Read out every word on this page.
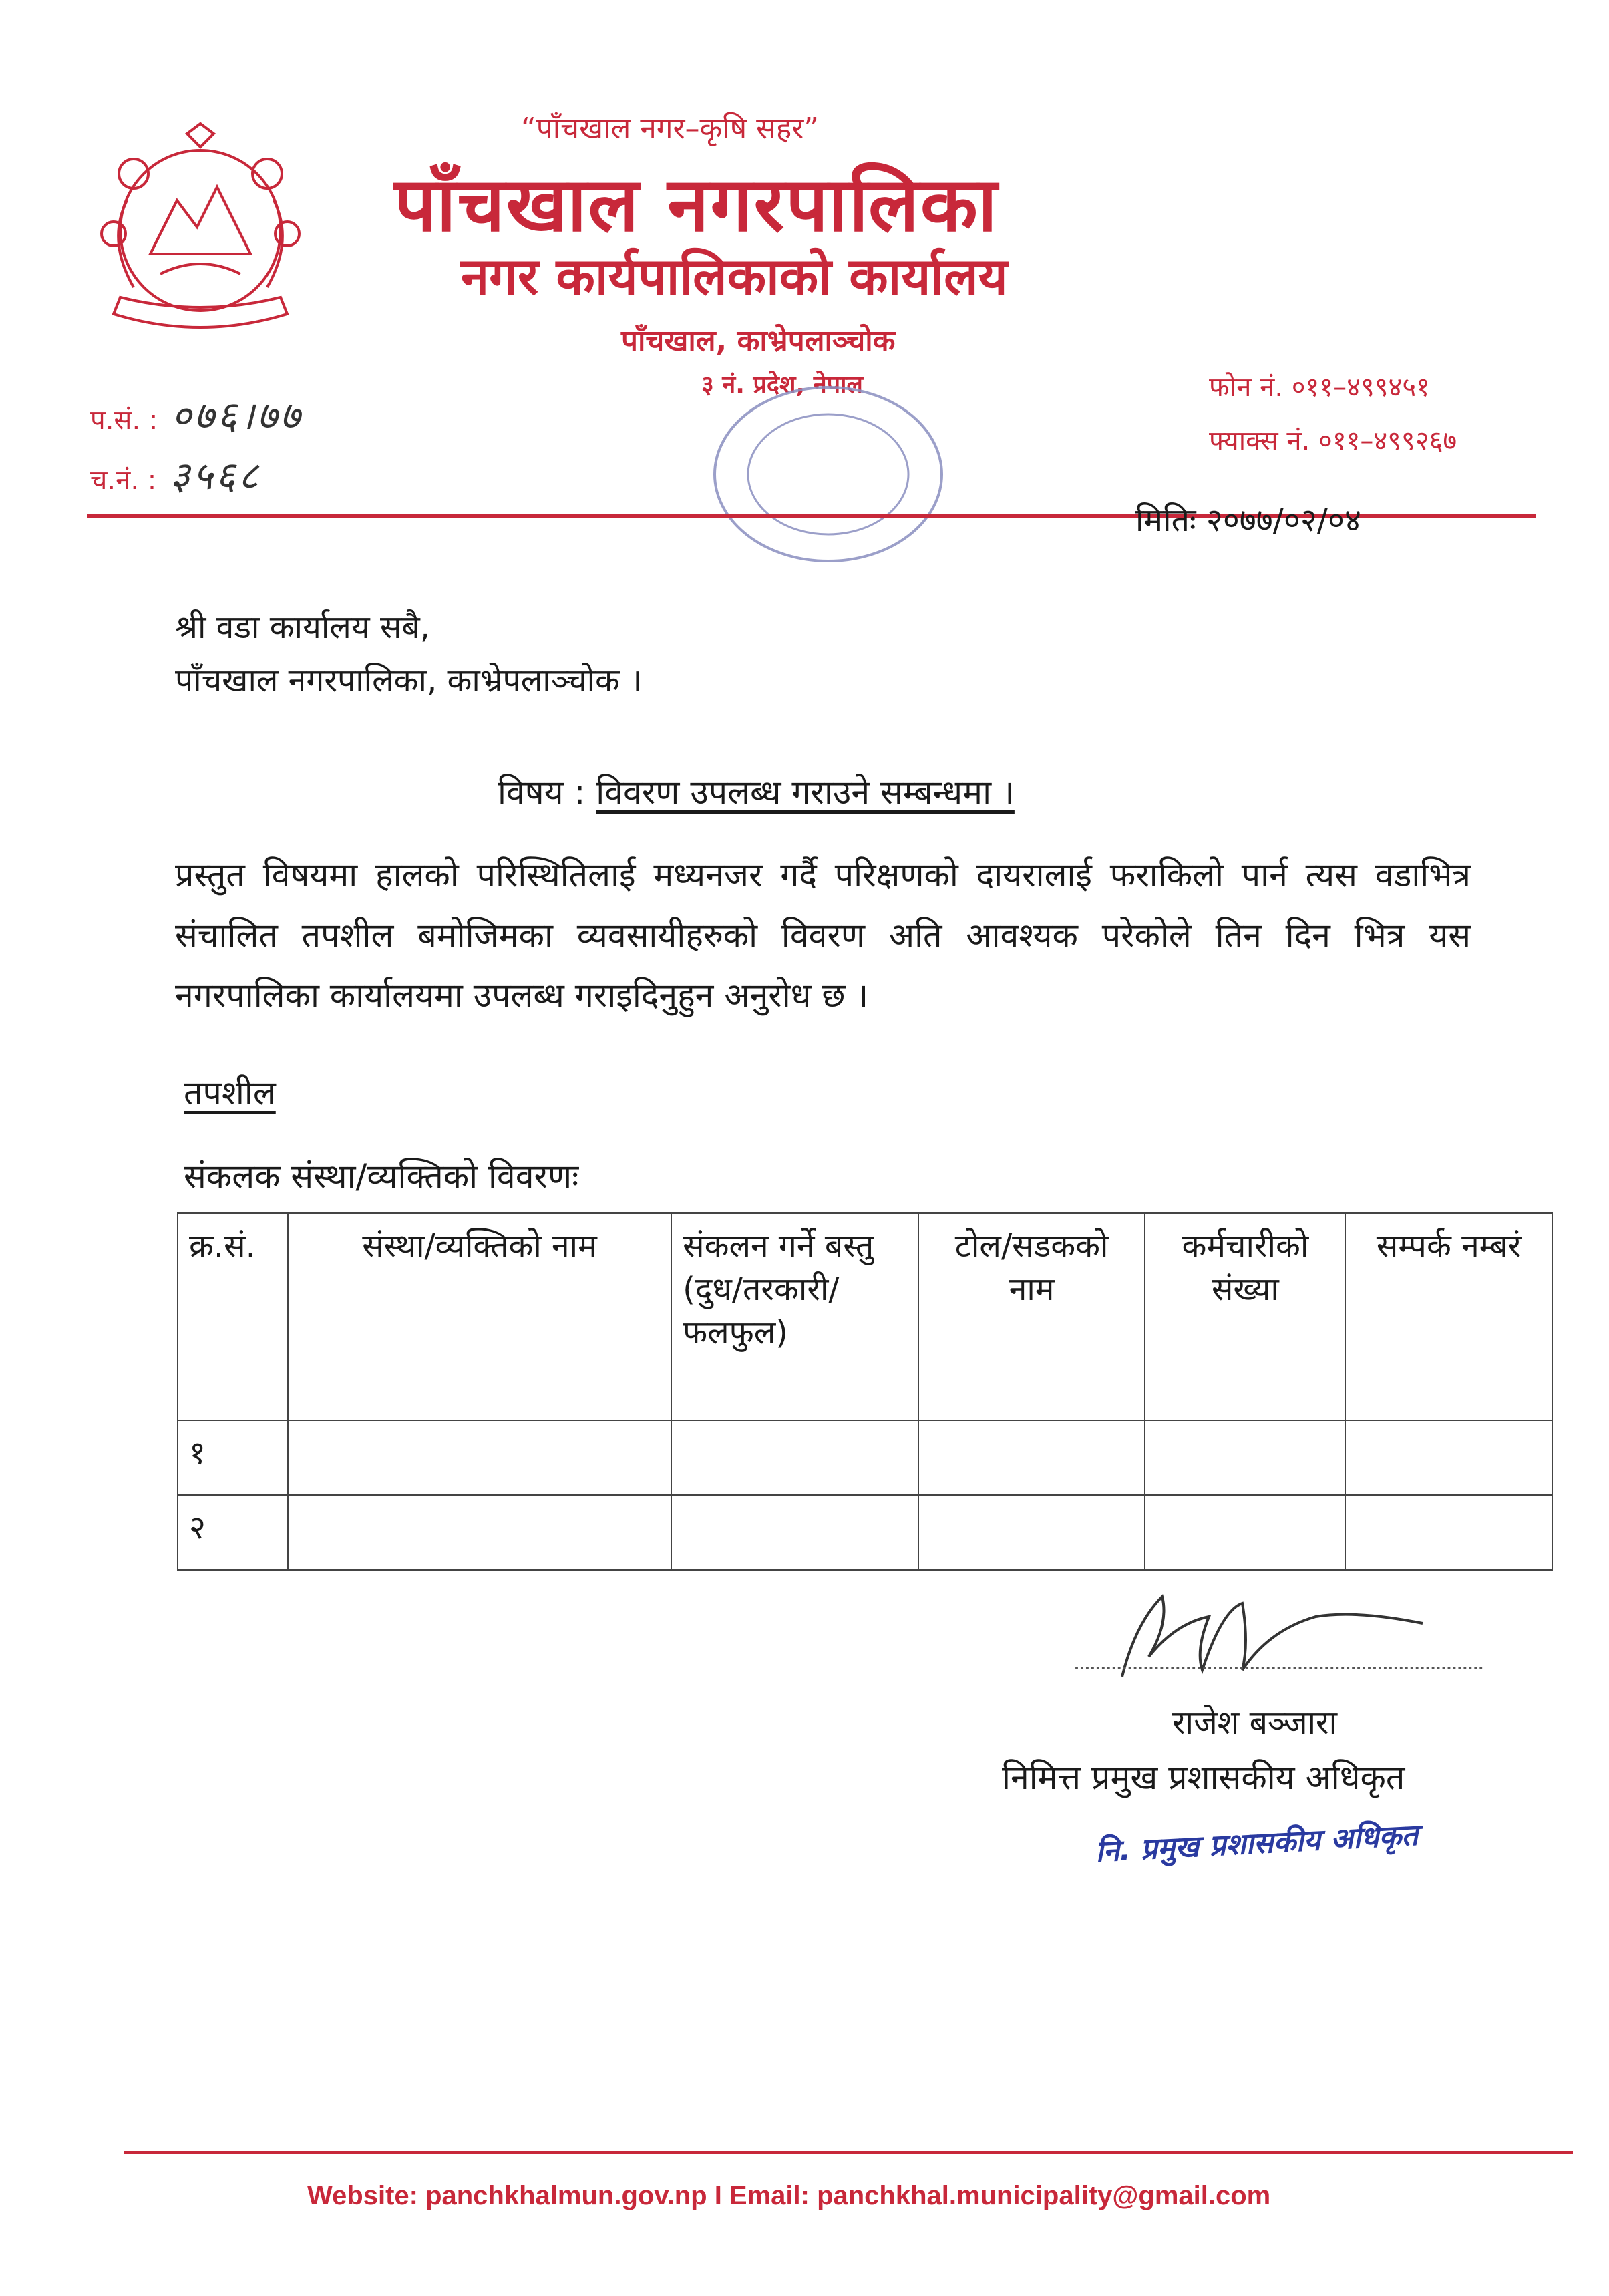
“पाँचखाल नगर–कृषि सहर”
पाँचखाल नगरपालिका
नगर कार्यपालिकाको कार्यालय
पाँचखाल, काभ्रेपलाञ्चोक
३ नं. प्रदेश, नेपाल
प.सं. : ०७६।७७
च.नं. : ३५६८
फोन नं. ०११–४९९४५१
फ्याक्स नं. ०११–४९९२६७
मितिः २०७७/०२/०४
श्री वडा कार्यालय सबै,
पाँचखाल नगरपालिका, काभ्रेपलाञ्चोक ।
विषय : विवरण उपलब्ध गराउने सम्बन्धमा ।
प्रस्तुत विषयमा हालको परिस्थितिलाई मध्यनजर गर्दै परिक्षणको दायरालाई फराकिलो पार्न त्यस वडाभित्र संचालित तपशील बमोजिमका व्यवसायीहरुको विवरण अति आवश्यक परेकोले तिन दिन भित्र यस नगरपालिका कार्यालयमा उपलब्ध गराइदिनुहुन अनुरोध छ ।
तपशील
संकलक संस्था/व्यक्तिको विवरणः
क्र.सं.	संस्था/व्यक्तिको नाम	संकलन गर्ने बस्तु (दुध/तरकारी/फलफुल)	टोल/सडकको नाम	कर्मचारीको संख्या	सम्पर्क नम्बरं
१					
२					
राजेश बञ्जारा
निमित्त प्रमुख प्रशासकीय अधिकृत
नि. प्रमुख प्रशासकीय अधिकृत
Website: panchkhalmun.gov.np I Email: panchkhal.municipality@gmail.com
